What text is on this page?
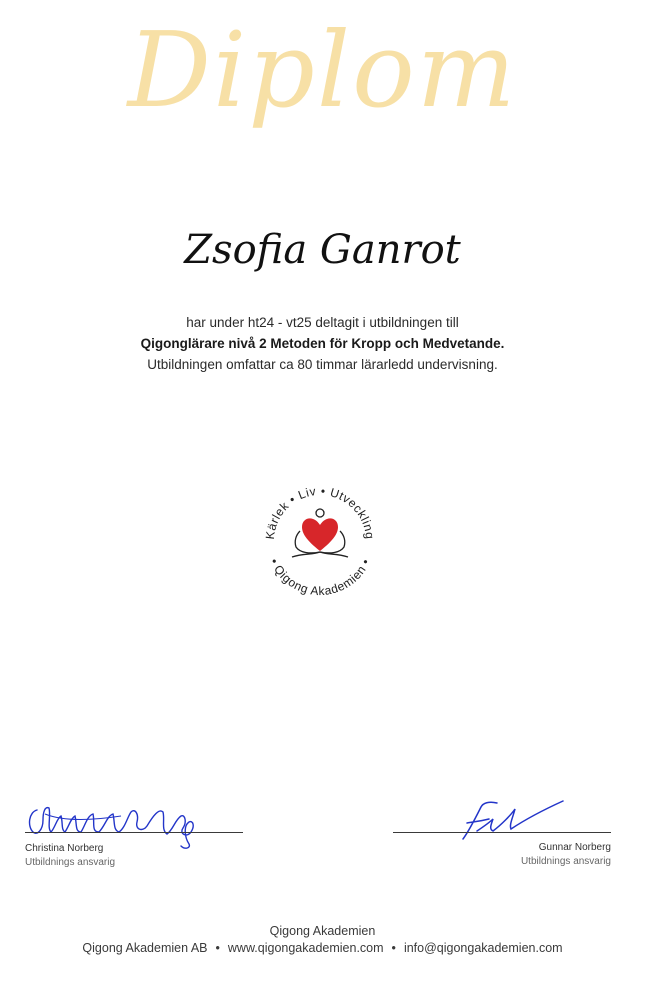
Diplom
Zsofia Ganrot
har under ht24 - vt25 deltagit i utbildningen till
Qigonglärare nivå 2 Metoden för Kropp och Medvetande.
Utbildningen omfattar ca 80 timmar lärarledd undervisning.
Kärlek • Liv • Utveckling
• Qigong Akademien •
Christina Norberg
Utbildnings ansvarig
Gunnar Norberg
Utbildnings ansvarig
Qigong Akademien
Qigong Akademien AB • www.qigongakademien.com • info@qigongakademien.com
